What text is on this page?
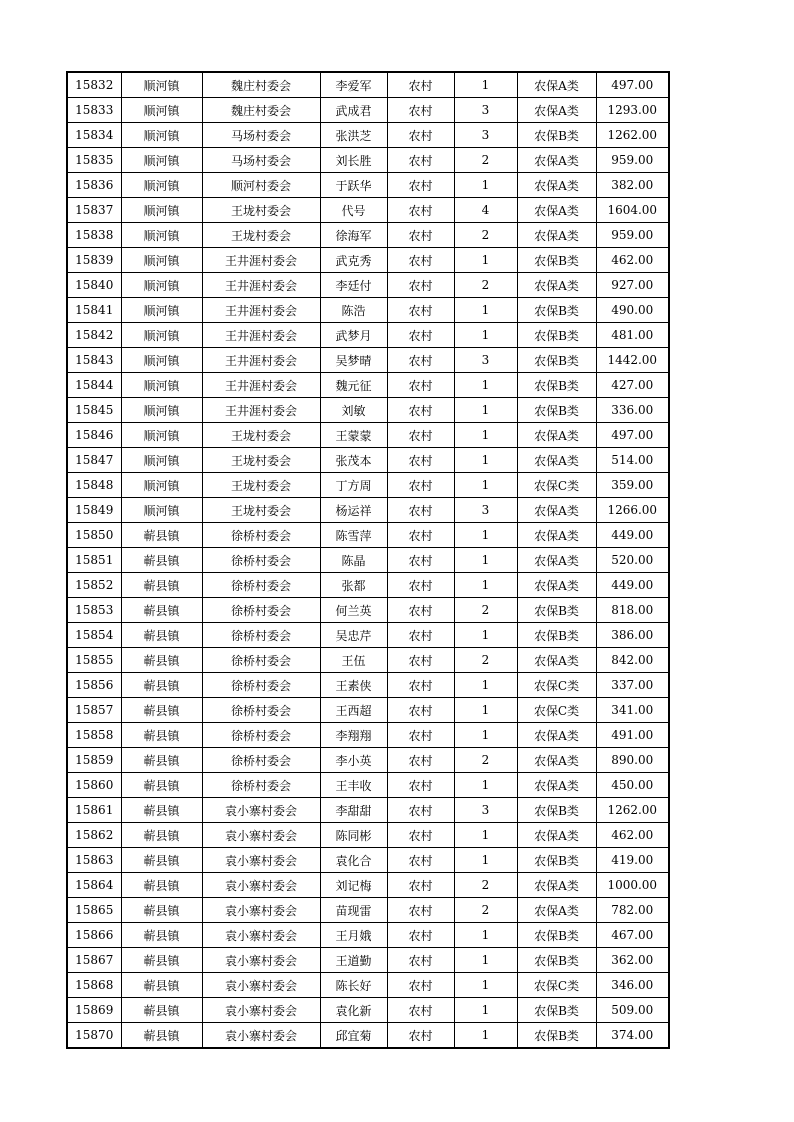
15832	顺河镇	魏庄村委会	李爱军	农村	1	农保A类	497.00
15833	顺河镇	魏庄村委会	武成君	农村	3	农保A类	1293.00
15834	顺河镇	马场村委会	张洪芝	农村	3	农保B类	1262.00
15835	顺河镇	马场村委会	刘长胜	农村	2	农保A类	959.00
15836	顺河镇	顺河村委会	于跃华	农村	1	农保A类	382.00
15837	顺河镇	王垅村委会	代号	农村	4	农保A类	1604.00
15838	顺河镇	王垅村委会	徐海军	农村	2	农保A类	959.00
15839	顺河镇	王井涯村委会	武克秀	农村	1	农保B类	462.00
15840	顺河镇	王井涯村委会	李廷付	农村	2	农保A类	927.00
15841	顺河镇	王井涯村委会	陈浩	农村	1	农保B类	490.00
15842	顺河镇	王井涯村委会	武梦月	农村	1	农保B类	481.00
15843	顺河镇	王井涯村委会	吴梦晴	农村	3	农保B类	1442.00
15844	顺河镇	王井涯村委会	魏元征	农村	1	农保B类	427.00
15845	顺河镇	王井涯村委会	刘敏	农村	1	农保B类	336.00
15846	顺河镇	王垅村委会	王蒙蒙	农村	1	农保A类	497.00
15847	顺河镇	王垅村委会	张茂本	农村	1	农保A类	514.00
15848	顺河镇	王垅村委会	丁方周	农村	1	农保C类	359.00
15849	顺河镇	王垅村委会	杨运祥	农村	3	农保A类	1266.00
15850	蕲县镇	徐桥村委会	陈雪萍	农村	1	农保A类	449.00
15851	蕲县镇	徐桥村委会	陈晶	农村	1	农保A类	520.00
15852	蕲县镇	徐桥村委会	张都	农村	1	农保A类	449.00
15853	蕲县镇	徐桥村委会	何兰英	农村	2	农保B类	818.00
15854	蕲县镇	徐桥村委会	吴忠芹	农村	1	农保B类	386.00
15855	蕲县镇	徐桥村委会	王伍	农村	2	农保A类	842.00
15856	蕲县镇	徐桥村委会	王素侠	农村	1	农保C类	337.00
15857	蕲县镇	徐桥村委会	王西超	农村	1	农保C类	341.00
15858	蕲县镇	徐桥村委会	李翔翔	农村	1	农保A类	491.00
15859	蕲县镇	徐桥村委会	李小英	农村	2	农保A类	890.00
15860	蕲县镇	徐桥村委会	王丰收	农村	1	农保A类	450.00
15861	蕲县镇	袁小寨村委会	李甜甜	农村	3	农保B类	1262.00
15862	蕲县镇	袁小寨村委会	陈同彬	农村	1	农保A类	462.00
15863	蕲县镇	袁小寨村委会	袁化合	农村	1	农保B类	419.00
15864	蕲县镇	袁小寨村委会	刘记梅	农村	2	农保A类	1000.00
15865	蕲县镇	袁小寨村委会	苗现雷	农村	2	农保A类	782.00
15866	蕲县镇	袁小寨村委会	王月娥	农村	1	农保B类	467.00
15867	蕲县镇	袁小寨村委会	王道勤	农村	1	农保B类	362.00
15868	蕲县镇	袁小寨村委会	陈长好	农村	1	农保C类	346.00
15869	蕲县镇	袁小寨村委会	袁化新	农村	1	农保B类	509.00
15870	蕲县镇	袁小寨村委会	邱宜菊	农村	1	农保B类	374.00
